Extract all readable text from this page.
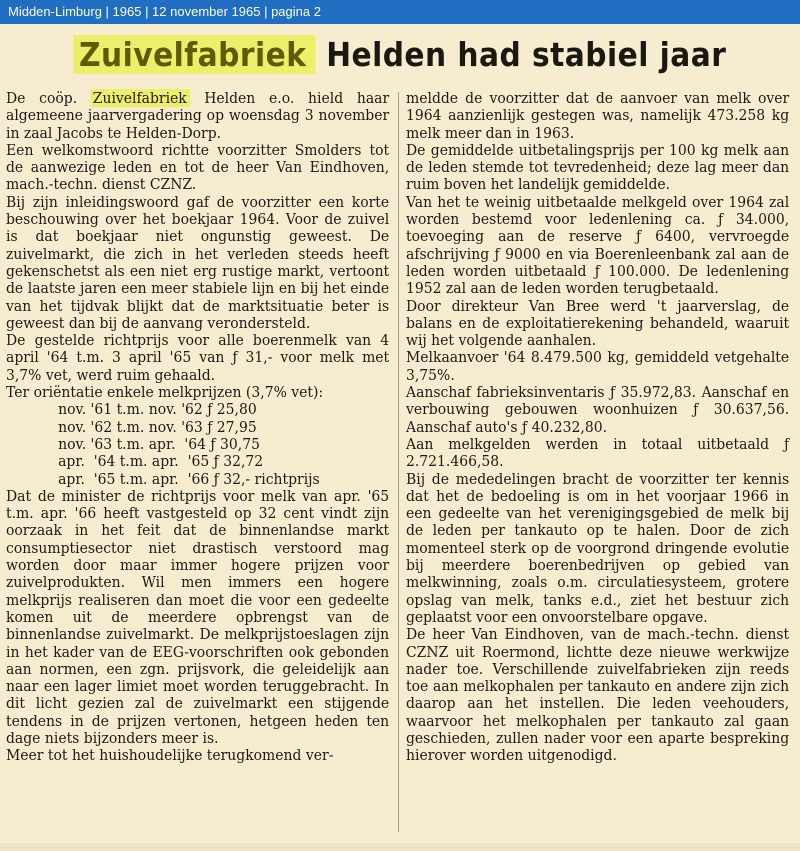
Midden-Limburg | 1965 | 12 november 1965 | pagina 2
Zuivelfabriek Helden had stabiel jaar

De coöp. Zuivelfabriek Helden e.o. hield haar algemeene jaarvergadering op woensdag 3 november in zaal Jacobs te Helden-Dorp.

Een welkomstwoord richtte voorzitter Smolders tot de aanwezige leden en tot de heer Van Eindhoven, mach.-techn. dienst CZNZ.

Bij zijn inleidingswoord gaf de voorzitter een korte beschouwing over het boekjaar 1964. Voor de zuivel is dat boekjaar niet ongunstig geweest. De zuivelmarkt, die zich in het verleden steeds heeft gekenschetst als een niet erg rustige markt, vertoont de laatste jaren een meer stabiele lijn en bij het einde van het tijdvak blijkt dat de marktsituatie beter is geweest dan bij de aanvang verondersteld.

De gestelde richtprijs voor alle boerenmelk van 4 april '64 t.m. 3 april '65 van ƒ 31,- voor melk met 3,7% vet, werd ruim gehaald.

Ter oriëntatie enkele melkprijzen (3,7% vet):

nov. '61 t.m. nov. '62 ƒ 25,80
nov. '62 t.m. nov. '63 ƒ 27,95
nov. '63 t.m. apr.  '64 ƒ 30,75
apr.  '64 t.m. apr.  '65 ƒ 32,72
apr.  '65 t.m. apr.  '66 ƒ 32,- richtprijs

Dat de minister de richtprijs voor melk van apr. '65 t.m. apr. '66 heeft vastgesteld op 32 cent vindt zijn oorzaak in het feit dat de binnenlandse markt consumptiesector niet drastisch verstoord mag worden door maar immer hogere prijzen voor zuivelprodukten. Wil men immers een hogere melkprijs realiseren dan moet die voor een gedeelte komen uit de meerdere opbrengst van de binnenlandse zuivelmarkt. De melkprijstoeslagen zijn in het kader van de EEG-voorschriften ook gebonden aan normen, een zgn. prijsvork, die geleidelijk aan naar een lager limiet moet worden teruggebracht. In dit licht gezien zal de zuivelmarkt een stijgende tendens in de prijzen vertonen, hetgeen heden ten dage niets bijzonders meer is.

Meer tot het huishoudelijke terugkomend ver-

meldde de voorzitter dat de aanvoer van melk over 1964 aanzienlijk gestegen was, namelijk 473.258 kg melk meer dan in 1963.

De gemiddelde uitbetalingsprijs per 100 kg melk aan de leden stemde tot tevredenheid; deze lag meer dan ruim boven het landelijk gemiddelde.

Van het te weinig uitbetaalde melkgeld over 1964 zal worden bestemd voor ledenlening ca. ƒ 34.000, toevoeging aan de reserve ƒ 6400, vervroegde afschrijving ƒ 9000 en via Boerenleenbank zal aan de leden worden uitbetaald ƒ 100.000. De ledenlening 1952 zal aan de leden worden terugbetaald.

Door direkteur Van Bree werd 't jaarverslag, de balans en de exploitatierekening behandeld, waaruit wij het volgende aanhalen.

Melkaanvoer '64 8.479.500 kg, gemiddeld vetgehalte 3,75%.

Aanschaf fabrieksinventaris ƒ 35.972,83. Aanschaf en verbouwing gebouwen woonhuizen ƒ 30.637,56. Aanschaf auto's ƒ 40.232,80.

Aan melkgelden werden in totaal uitbetaald ƒ 2.721.466,58.

Bij de mededelingen bracht de voorzitter ter kennis dat het de bedoeling is om in het voorjaar 1966 in een gedeelte van het verenigingsgebied de melk bij de leden per tankauto op te halen. Door de zich momenteel sterk op de voorgrond dringende evolutie bij meerdere boerenbedrijven op gebied van melkwinning, zoals o.m. circulatiesysteem, grotere opslag van melk, tanks e.d., ziet het bestuur zich geplaatst voor een onvoorstelbare opgave.

De heer Van Eindhoven, van de mach.-techn. dienst CZNZ uit Roermond, lichtte deze nieuwe werkwijze nader toe. Verschillende zuivelfabrieken zijn reeds toe aan melkophalen per tankauto en andere zijn zich daarop aan het instellen. Die leden veehouders, waarvoor het melkophalen per tankauto zal gaan geschieden, zullen nader voor een aparte bespreking hierover worden uitgenodigd.
